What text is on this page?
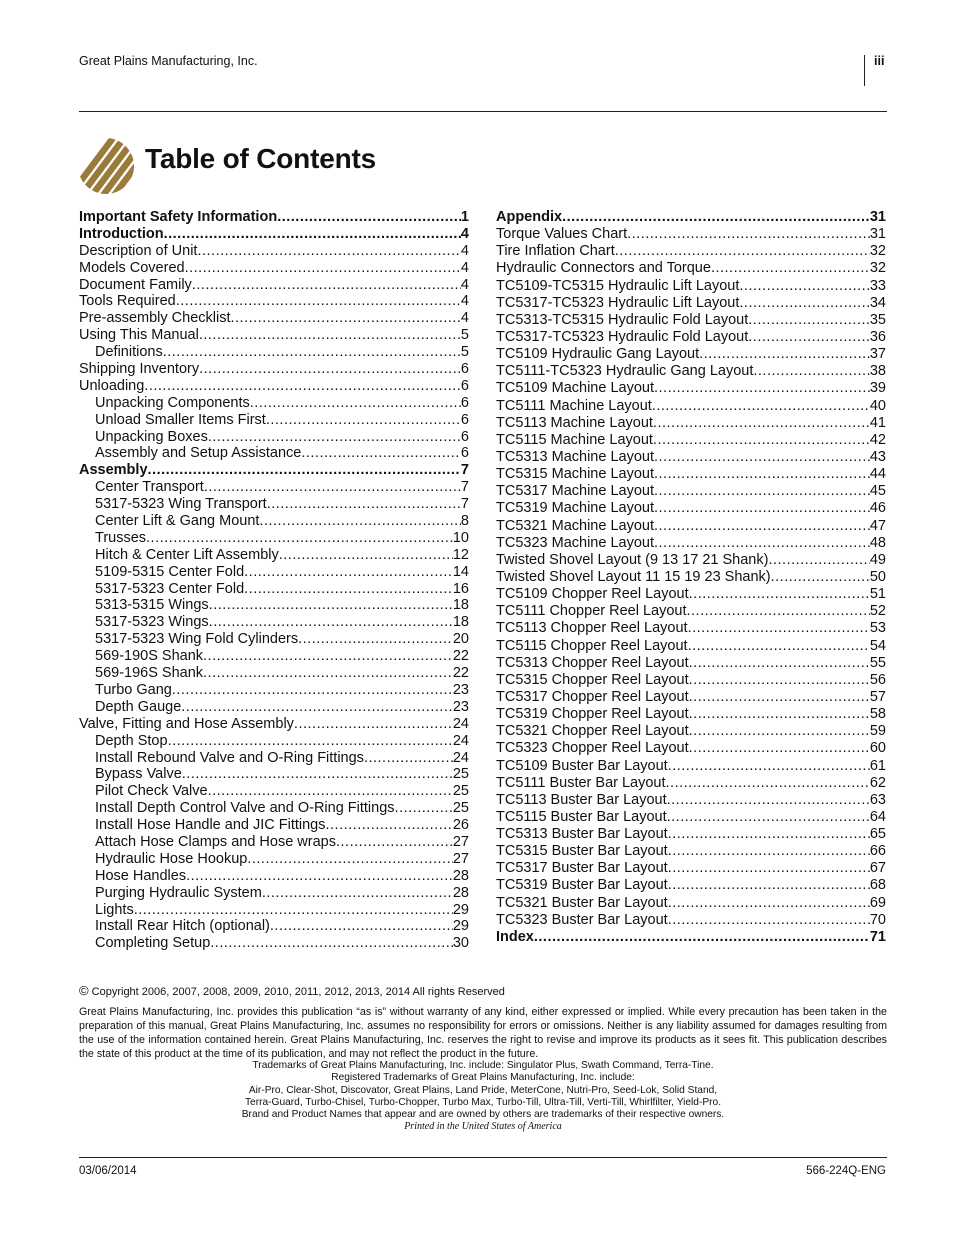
Great Plains Manufacturing, Inc.	iii
Table of Contents
Important Safety Information .....	1
Introduction .....	4
Description of Unit .....	4
Models Covered .....	4
Document Family .....	4
Tools Required .....	4
Pre-assembly Checklist .....	4
Using This Manual .....	5
Definitions .....	5
Shipping Inventory .....	6
Unloading .....	6
Unpacking Components .....	6
Unload Smaller Items First .....	6
Unpacking Boxes .....	6
Assembly and Setup Assistance .....	6
Assembly .....	7
Center Transport .....	7
5317-5323 Wing Transport .....	7
Center Lift & Gang Mount .....	8
Trusses .....	10
Hitch & Center Lift Assembly .....	12
5109-5315 Center Fold .....	14
5317-5323 Center Fold .....	16
5313-5315 Wings .....	18
5317-5323 Wings .....	18
5317-5323 Wing Fold Cylinders .....	20
569-190S Shank .....	22
569-196S Shank .....	22
Turbo Gang .....	23
Depth Gauge .....	23
Valve, Fitting and Hose Assembly .....	24
Depth Stop .....	24
Install Rebound Valve and O-Ring Fittings .....	24
Bypass Valve .....	25
Pilot Check Valve .....	25
Install Depth Control Valve and O-Ring Fittings .....	25
Install Hose Handle and JIC Fittings .....	26
Attach Hose Clamps and Hose wraps .....	27
Hydraulic Hose Hookup .....	27
Hose Handles .....	28
Purging Hydraulic System .....	28
Lights .....	29
Install Rear Hitch (optional) .....	29
Completing Setup .....	30
Appendix .....	31
Torque Values Chart .....	31
Tire Inflation Chart .....	32
Hydraulic Connectors and Torque .....	32
TC5109-TC5315 Hydraulic Lift Layout .....	33
TC5317-TC5323 Hydraulic Lift Layout .....	34
TC5313-TC5315 Hydraulic Fold Layout .....	35
TC5317-TC5323 Hydraulic Fold Layout .....	36
TC5109 Hydraulic Gang Layout .....	37
TC5111-TC5323 Hydraulic Gang Layout .....	38
TC5109 Machine Layout .....	39
TC5111 Machine Layout .....	40
TC5113 Machine Layout .....	41
TC5115 Machine Layout .....	42
TC5313 Machine Layout .....	43
TC5315 Machine Layout .....	44
TC5317 Machine Layout .....	45
TC5319 Machine Layout .....	46
TC5321 Machine Layout .....	47
TC5323 Machine Layout .....	48
Twisted Shovel Layout (9 13 17 21 Shank) .....	49
Twisted Shovel Layout 11 15 19 23 Shank) .....	50
TC5109 Chopper Reel Layout .....	51
TC5111 Chopper Reel Layout .....	52
TC5113 Chopper Reel Layout .....	53
TC5115 Chopper Reel Layout .....	54
TC5313 Chopper Reel Layout .....	55
TC5315 Chopper Reel Layout .....	56
TC5317 Chopper Reel Layout .....	57
TC5319 Chopper Reel Layout .....	58
TC5321 Chopper Reel Layout .....	59
TC5323 Chopper Reel Layout .....	60
TC5109 Buster Bar Layout .....	61
TC5111 Buster Bar Layout .....	62
TC5113 Buster Bar Layout .....	63
TC5115 Buster Bar Layout .....	64
TC5313 Buster Bar Layout .....	65
TC5315 Buster Bar Layout .....	66
TC5317 Buster Bar Layout .....	67
TC5319 Buster Bar Layout .....	68
TC5321 Buster Bar Layout .....	69
TC5323 Buster Bar Layout .....	70
Index .....	71
© Copyright 2006, 2007, 2008, 2009, 2010, 2011, 2012, 2013, 2014 All rights Reserved
Great Plains Manufacturing, Inc. provides this publication “as is” without warranty of any kind, either expressed or implied. While every precaution has been taken in the preparation of this manual, Great Plains Manufacturing, Inc. assumes no responsibility for errors or omissions. Neither is any liability assumed for damages resulting from the use of the information contained herein. Great Plains Manufacturing, Inc. reserves the right to revise and improve its products as it sees fit. This publication describes the state of this product at the time of its publication, and may not reflect the product in the future.
Trademarks of Great Plains Manufacturing, Inc. include: Singulator Plus, Swath Command, Terra-Tine.
Registered Trademarks of Great Plains Manufacturing, Inc. include:
Air-Pro, Clear-Shot, Discovator, Great Plains, Land Pride, MeterCone, Nutri-Pro, Seed-Lok, Solid Stand,
Terra-Guard, Turbo-Chisel, Turbo-Chopper, Turbo Max, Turbo-Till, Ultra-Till, Verti-Till, Whirlfilter, Yield-Pro.
Brand and Product Names that appear and are owned by others are trademarks of their respective owners.
Printed in the United States of America
03/06/2014	566-224Q-ENG
